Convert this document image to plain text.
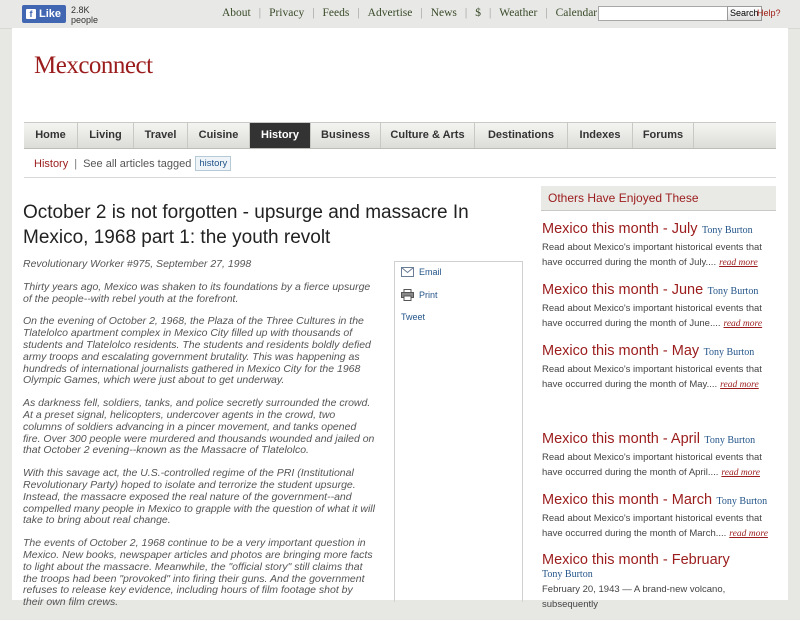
f Like 2.8K
people
About | Privacy | Feeds | Advertise | News | $ | Weather | Calendar	Search
Help?
Mexconnect
Home	Living	Travel	Cuisine	History	Business	Culture & Arts	Destinations	Indexes	Forums
History | See all articles tagged history
October 2 is not forgotten - upsurge and massacre In Mexico, 1968 part 1: the youth revolt

Revolutionary Worker #975, September 27, 1998

Thirty years ago, Mexico was shaken to its foundations by a fierce upsurge of the people--with rebel youth at the forefront.

On the evening of October 2, 1968, the Plaza of the Three Cultures in the Tlatelolco apartment complex in Mexico City filled up with thousands of students and Tlatelolco residents. The students and residents boldly defied army troops and escalating government brutality. This was happening as hundreds of international journalists gathered in Mexico City for the 1968 Olympic Games, which were just about to get underway.

As darkness fell, soldiers, tanks, and police secretly surrounded the crowd. At a preset signal, helicopters, undercover agents in the crowd, two columns of soldiers advancing in a pincer movement, and tanks opened fire. Over 300 people were murdered and thousands wounded and jailed on that October 2 evening--known as the Massacre of Tlatelolco.

With this savage act, the U.S.-controlled regime of the PRI (Institutional Revolutionary Party) hoped to isolate and terrorize the student upsurge. Instead, the massacre exposed the real nature of the government--and compelled many people in Mexico to grapple with the question of what it will take to bring about real change.

The events of October 2, 1968 continue to be a very important question in Mexico. New books, newspaper articles and photos are bringing more facts to light about the massacre. Meanwhile, the "official story" still claims that the troops had been "provoked" into firing their guns. And the government refuses to release key evidence, including hours of film footage shot by their own film crews.

Email
Print
Tweet
Others Have Enjoyed These
Mexico this month - July Tony Burton
Read about Mexico's important historical events that have occurred during the month of July.... read more
Mexico this month - June Tony Burton
Read about Mexico's important historical events that have occurred during the month of June.... read more
Mexico this month - May Tony Burton
Read about Mexico's important historical events that have occurred during the month of May.... read more
Mexico this month - April Tony Burton
Read about Mexico's important historical events that have occurred during the month of April.... read more
Mexico this month - March Tony Burton
Read about Mexico's important historical events that have occurred during the month of March.... read more
Mexico this month - February
Tony Burton
February 20, 1943 — A brand-new volcano, subsequently
